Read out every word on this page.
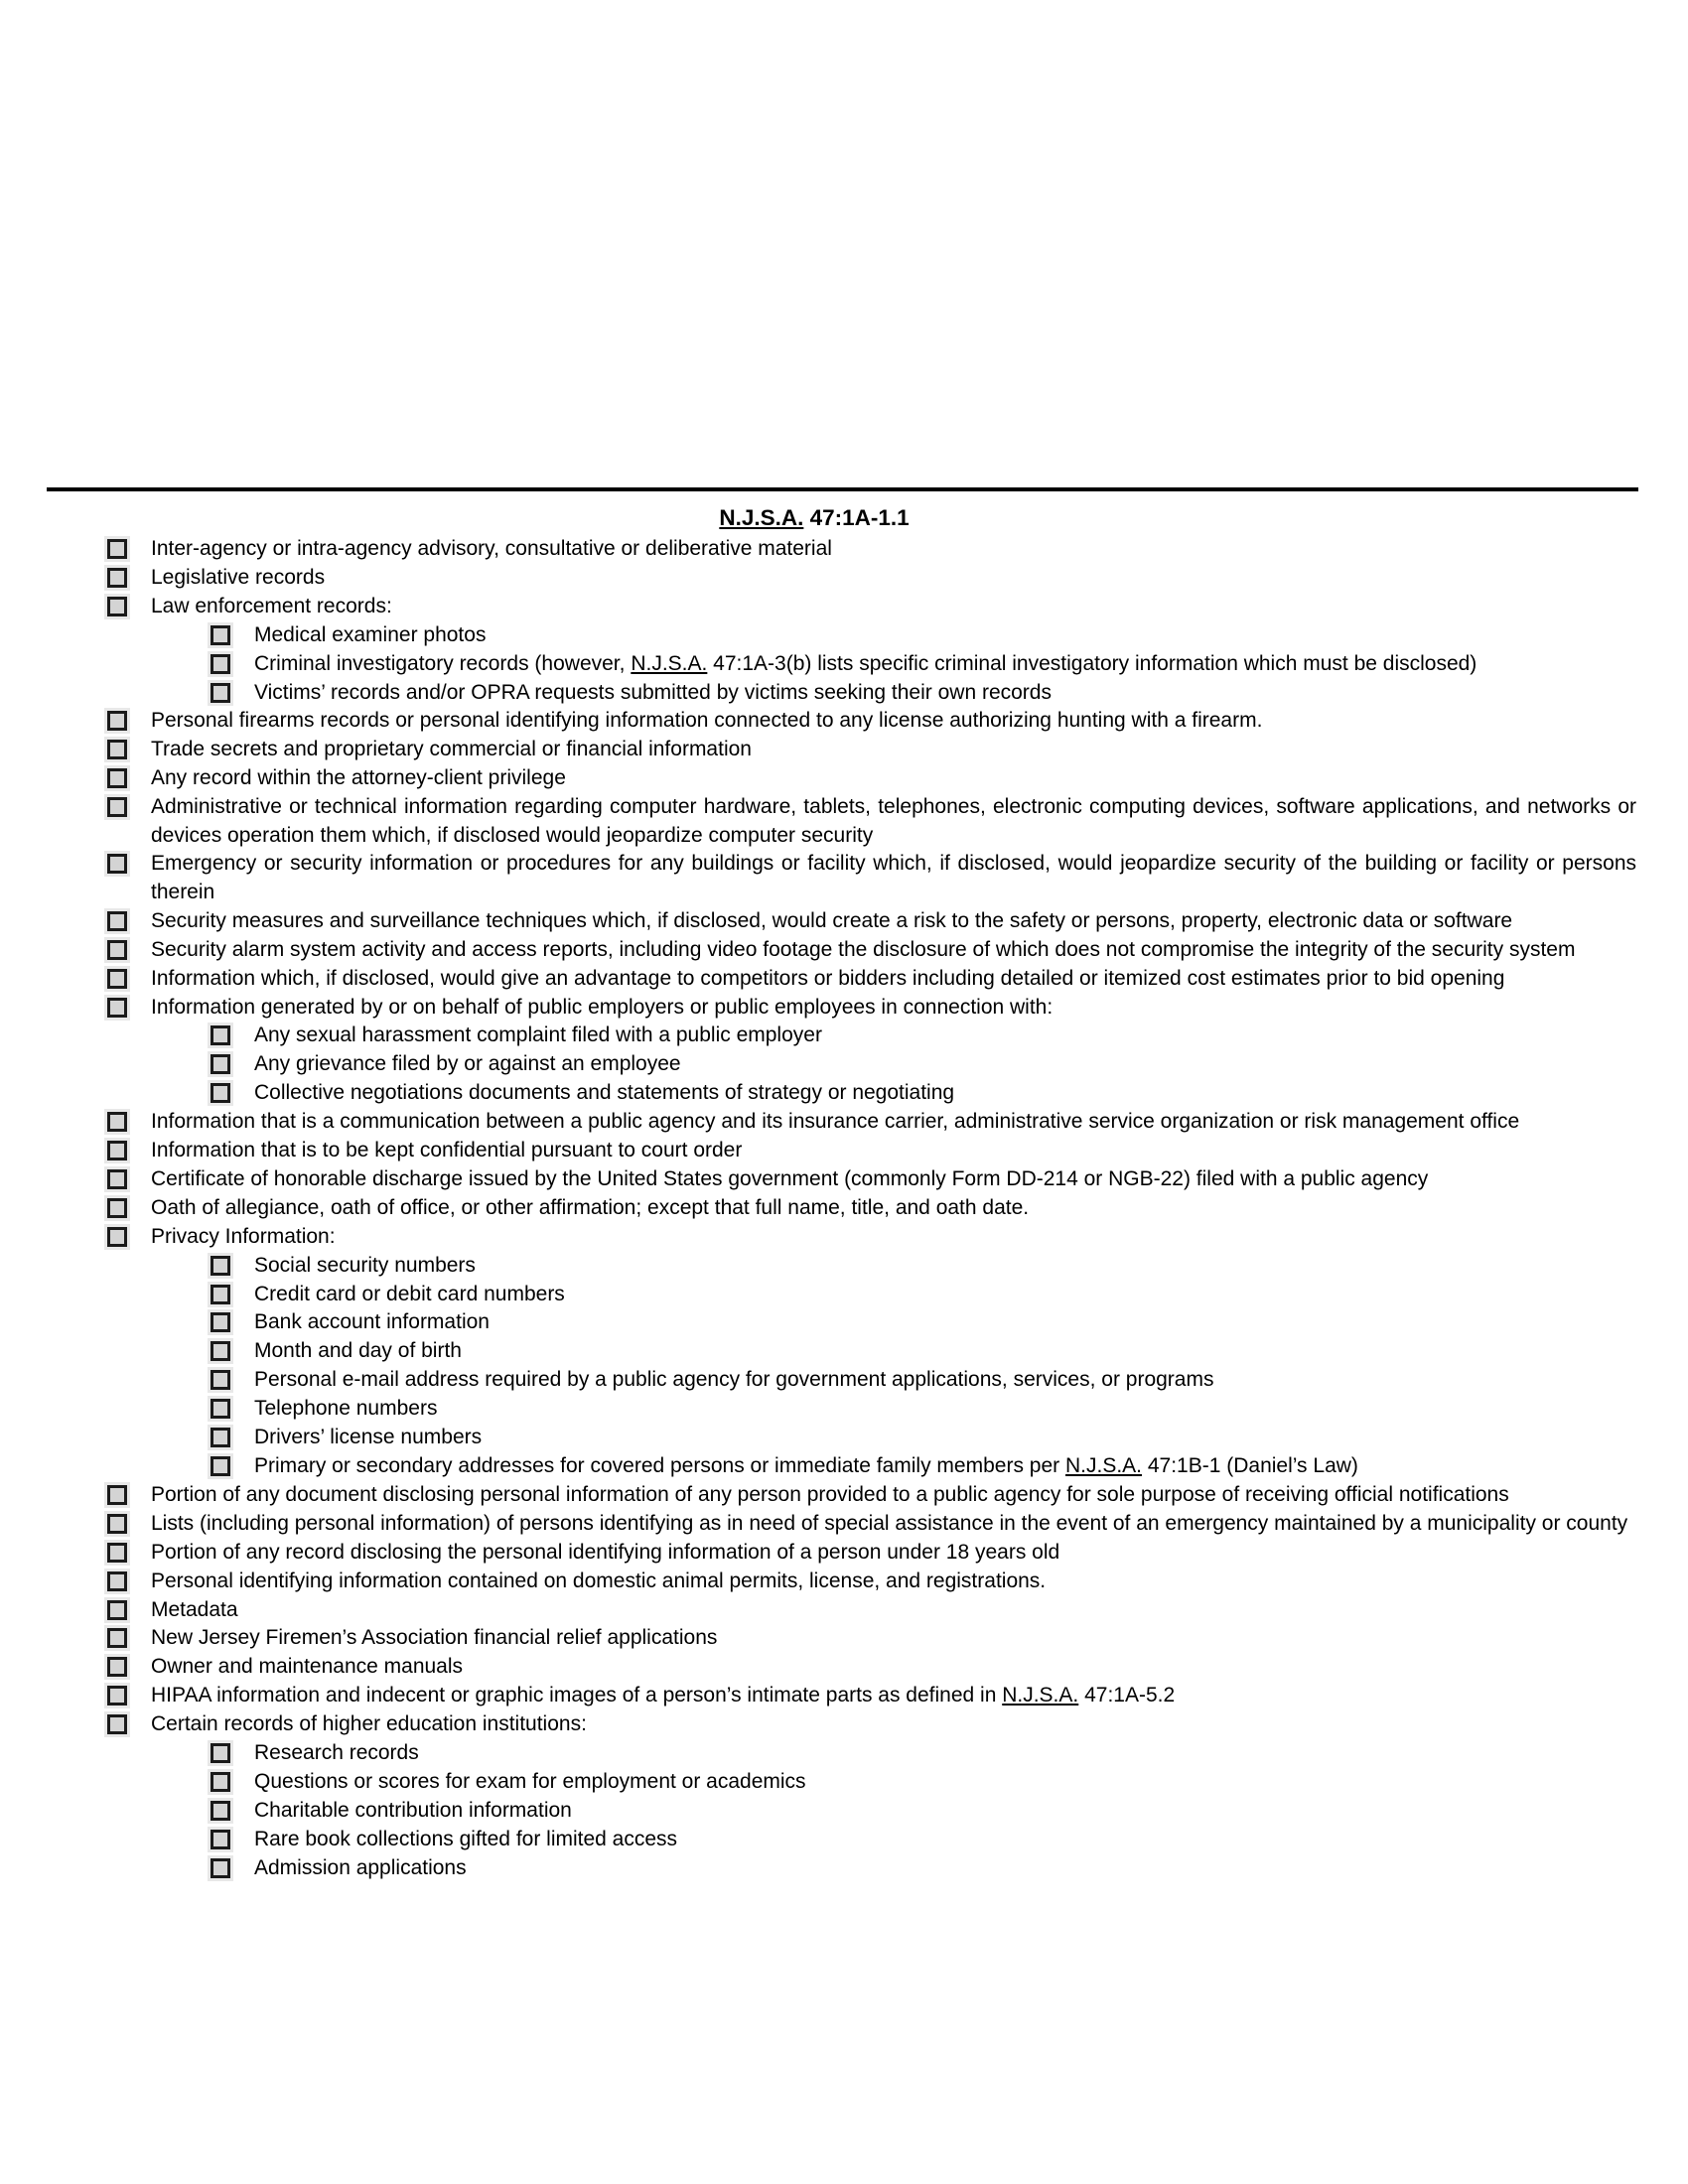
N.J.S.A. 47:1A-1.1
Inter-agency or intra-agency advisory, consultative or deliberative material
Legislative records
Law enforcement records:
Medical examiner photos
Criminal investigatory records (however, N.J.S.A. 47:1A-3(b) lists specific criminal investigatory information which must be disclosed)
Victims’ records and/or OPRA requests submitted by victims seeking their own records
Personal firearms records or personal identifying information connected to any license authorizing hunting with a firearm.
Trade secrets and proprietary commercial or financial information
Any record within the attorney-client privilege
Administrative or technical information regarding computer hardware, tablets, telephones, electronic computing devices, software applications, and networks or devices operation them which, if disclosed would jeopardize computer security
Emergency or security information or procedures for any buildings or facility which, if disclosed, would jeopardize security of the building or facility or persons therein
Security measures and surveillance techniques which, if disclosed, would create a risk to the safety or persons, property, electronic data or software
Security alarm system activity and access reports, including video footage the disclosure of which does not compromise the integrity of the security system
Information which, if disclosed, would give an advantage to competitors or bidders including detailed or itemized cost estimates prior to bid opening
Information generated by or on behalf of public employers or public employees in connection with:
Any sexual harassment complaint filed with a public employer
Any grievance filed by or against an employee
Collective negotiations documents and statements of strategy or negotiating
Information that is a communication between a public agency and its insurance carrier, administrative service organization or risk management office
Information that is to be kept confidential pursuant to court order
Certificate of honorable discharge issued by the United States government (commonly Form DD-214 or NGB-22) filed with a public agency
Oath of allegiance, oath of office, or other affirmation; except that full name, title, and oath date.
Privacy Information:
Social security numbers
Credit card or debit card numbers
Bank account information
Month and day of birth
Personal e-mail address required by a public agency for government applications, services, or programs
Telephone numbers
Drivers’ license numbers
Primary or secondary addresses for covered persons or immediate family members per N.J.S.A. 47:1B-1 (Daniel’s Law)
Portion of any document disclosing personal information of any person provided to a public agency for sole purpose of receiving official notifications
Lists (including personal information) of persons identifying as in need of special assistance in the event of an emergency maintained by a municipality or county
Portion of any record disclosing the personal identifying information of a person under 18 years old
Personal identifying information contained on domestic animal permits, license, and registrations.
Metadata
New Jersey Firemen’s Association financial relief applications
Owner and maintenance manuals
HIPAA information and indecent or graphic images of a person’s intimate parts as defined in N.J.S.A. 47:1A-5.2
Certain records of higher education institutions:
Research records
Questions or scores for exam for employment or academics
Charitable contribution information
Rare book collections gifted for limited access
Admission applications
